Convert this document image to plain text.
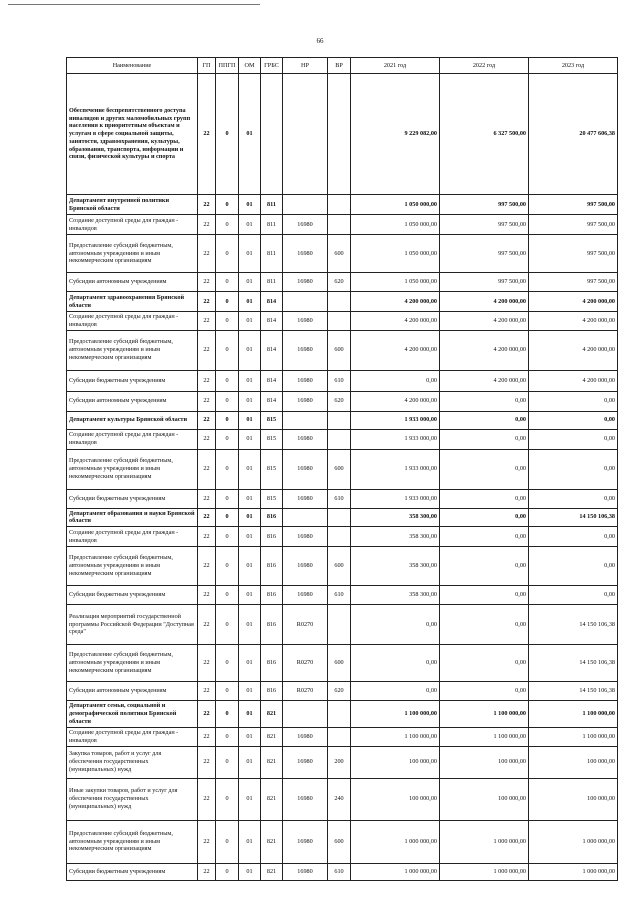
66
Наименование	ГП	ППГП	ОМ	ГРБС	НР	ВР	2021 год	2022 год	2023 год
Обеспечение беспрепятственного доступа инвалидов и других маломобильных групп населения к приоритетным объектам и услугам в сфере социальной защиты, занятости, здравоохранения, культуры, образования, транспорта, информации и связи, физической культуры и спорта	22	0	01				9 229 082,00	6 327 500,00	20 477 606,38
Департамент внутренней политики Брянской области	22	0	01	811			1 050 000,00	997 500,00	997 500,00
Создание доступной среды для граждан - инвалидов	22	0	01	811	16980		1 050 000,00	997 500,00	997 500,00
Предоставление субсидий бюджетным, автономным учреждениям и иным некоммерческим организациям	22	0	01	811	16980	600	1 050 000,00	997 500,00	997 500,00
Субсидии автономным учреждениям	22	0	01	811	16980	620	1 050 000,00	997 500,00	997 500,00
Департамент здравоохранения Брянской области	22	0	01	814			4 200 000,00	4 200 000,00	4 200 000,00
Создание доступной среды для граждан - инвалидов	22	0	01	814	16980		4 200 000,00	4 200 000,00	4 200 000,00
Предоставление субсидий бюджетным, автономным учреждениям и иным некоммерческим организациям	22	0	01	814	16980	600	4 200 000,00	4 200 000,00	4 200 000,00
Субсидии бюджетным учреждениям	22	0	01	814	16980	610	0,00	4 200 000,00	4 200 000,00
Субсидии автономным учреждениям	22	0	01	814	16980	620	4 200 000,00	0,00	0,00
Департамент культуры Брянской области	22	0	01	815			1 933 000,00	0,00	0,00
Создание доступной среды для граждан - инвалидов	22	0	01	815	16980		1 933 000,00	0,00	0,00
Предоставление субсидий бюджетным, автономным учреждениям и иным некоммерческим организациям	22	0	01	815	16980	600	1 933 000,00	0,00	0,00
Субсидии бюджетным учреждениям	22	0	01	815	16980	610	1 933 000,00	0,00	0,00
Департамент образования и науки Брянской области	22	0	01	816			358 300,00	0,00	14 150 106,38
Создание доступной среды для граждан - инвалидов	22	0	01	816	16980		358 300,00	0,00	0,00
Предоставление субсидий бюджетным, автономным учреждениям и иным некоммерческим организациям	22	0	01	816	16980	600	358 300,00	0,00	0,00
Субсидии бюджетным учреждениям	22	0	01	816	16980	610	358 300,00	0,00	0,00
Реализация мероприятий государственной программы Российской Федерации "Доступная среда"	22	0	01	816	R0270		0,00	0,00	14 150 106,38
Предоставление субсидий бюджетным, автономным учреждениям и иным некоммерческим организациям	22	0	01	816	R0270	600	0,00	0,00	14 150 106,38
Субсидии автономным учреждениям	22	0	01	816	R0270	620	0,00	0,00	14 150 106,38
Департамент семьи, социальной и демографической политики Брянской области	22	0	01	821			1 100 000,00	1 100 000,00	1 100 000,00
Создание доступной среды для граждан - инвалидов	22	0	01	821	16980		1 100 000,00	1 100 000,00	1 100 000,00
Закупка товаров, работ и услуг для обеспечения государственных (муниципальных) нужд	22	0	01	821	16980	200	100 000,00	100 000,00	100 000,00
Иные закупки товаров, работ и услуг для обеспечения государственных (муниципальных) нужд	22	0	01	821	16980	240	100 000,00	100 000,00	100 000,00
Предоставление субсидий бюджетным, автономным учреждениям и иным некоммерческим организациям	22	0	01	821	16980	600	1 000 000,00	1 000 000,00	1 000 000,00
Субсидии бюджетным учреждениям	22	0	01	821	16980	610	1 000 000,00	1 000 000,00	1 000 000,00
